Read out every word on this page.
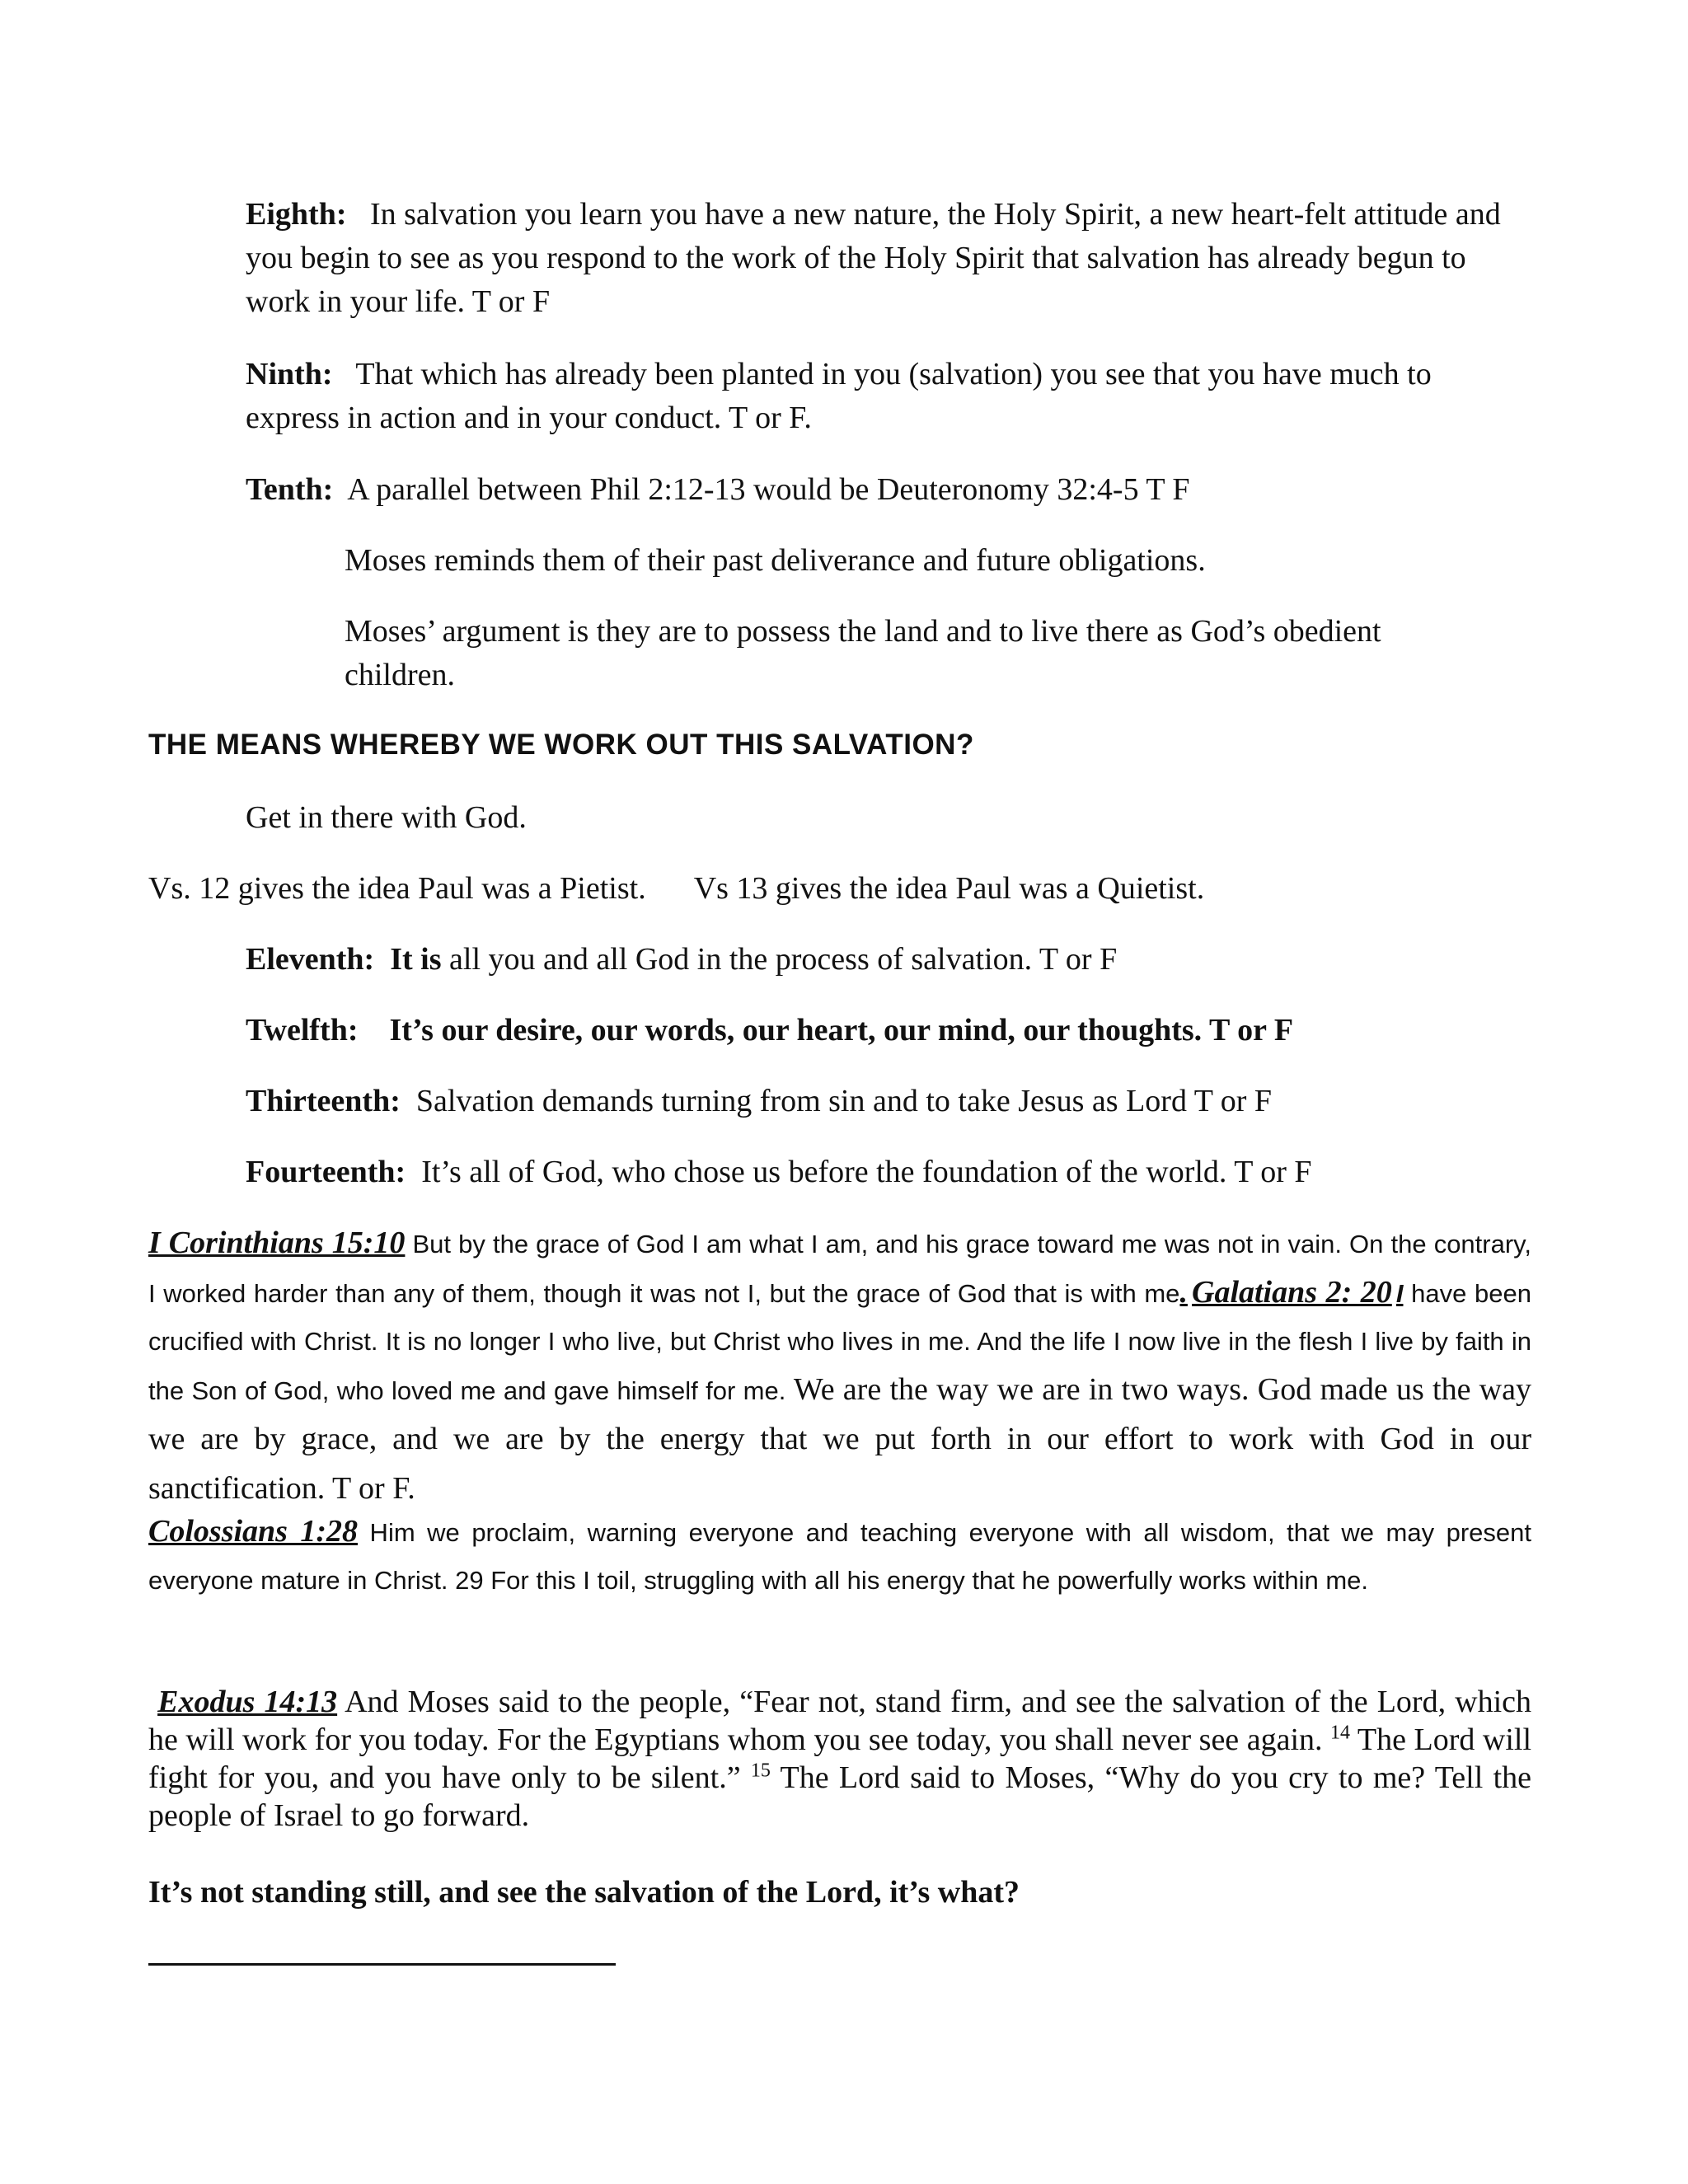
Eighth: In salvation you learn you have a new nature, the Holy Spirit, a new heart-felt attitude and you begin to see as you respond to the work of the Holy Spirit that salvation has already begun to work in your life. T or F

Ninth: That which has already been planted in you (salvation) you see that you have much to express in action and in your conduct. T or F.

Tenth: A parallel between Phil 2:12-13 would be Deuteronomy 32:4-5 T F

Moses reminds them of their past deliverance and future obligations.

Moses’ argument is they are to possess the land and to live there as God’s obedient children.

THE MEANS WHEREBY WE WORK OUT THIS SALVATION?

Get in there with God.

Vs. 12 gives the idea Paul was a Pietist. Vs 13 gives the idea Paul was a Quietist.

Eleventh: It is all you and all God in the process of salvation. T or F

Twelfth: It’s our desire, our words, our heart, our mind, our thoughts. T or F

Thirteenth: Salvation demands turning from sin and to take Jesus as Lord T or F

Fourteenth: It’s all of God, who chose us before the foundation of the world. T or F

I Corinthians 15:10 But by the grace of God I am what I am, and his grace toward me was not in vain. On the contrary, I worked harder than any of them, though it was not I, but the grace of God that is with me. Galatians 2: 20 I have been crucified with Christ. It is no longer I who live, but Christ who lives in me. And the life I now live in the flesh I live by faith in the Son of God, who loved me and gave himself for me. We are the way we are in two ways. God made us the way we are by grace, and we are by the energy that we put forth in our effort to work with God in our sanctification. T or F.
Colossians 1:28 Him we proclaim, warning everyone and teaching everyone with all wisdom, that we may present everyone mature in Christ. 29 For this I toil, struggling with all his energy that he powerfully works within me.
Exodus 14:13 And Moses said to the people, “Fear not, stand firm, and see the salvation of the Lord, which he will work for you today. For the Egyptians whom you see today, you shall never see again. $^{14}$ The Lord will fight for you, and you have only to be silent.” $^{15}$ The Lord said to Moses, “Why do you cry to me? Tell the people of Israel to go forward.

It’s not standing still, and see the salvation of the Lord, it’s what?
